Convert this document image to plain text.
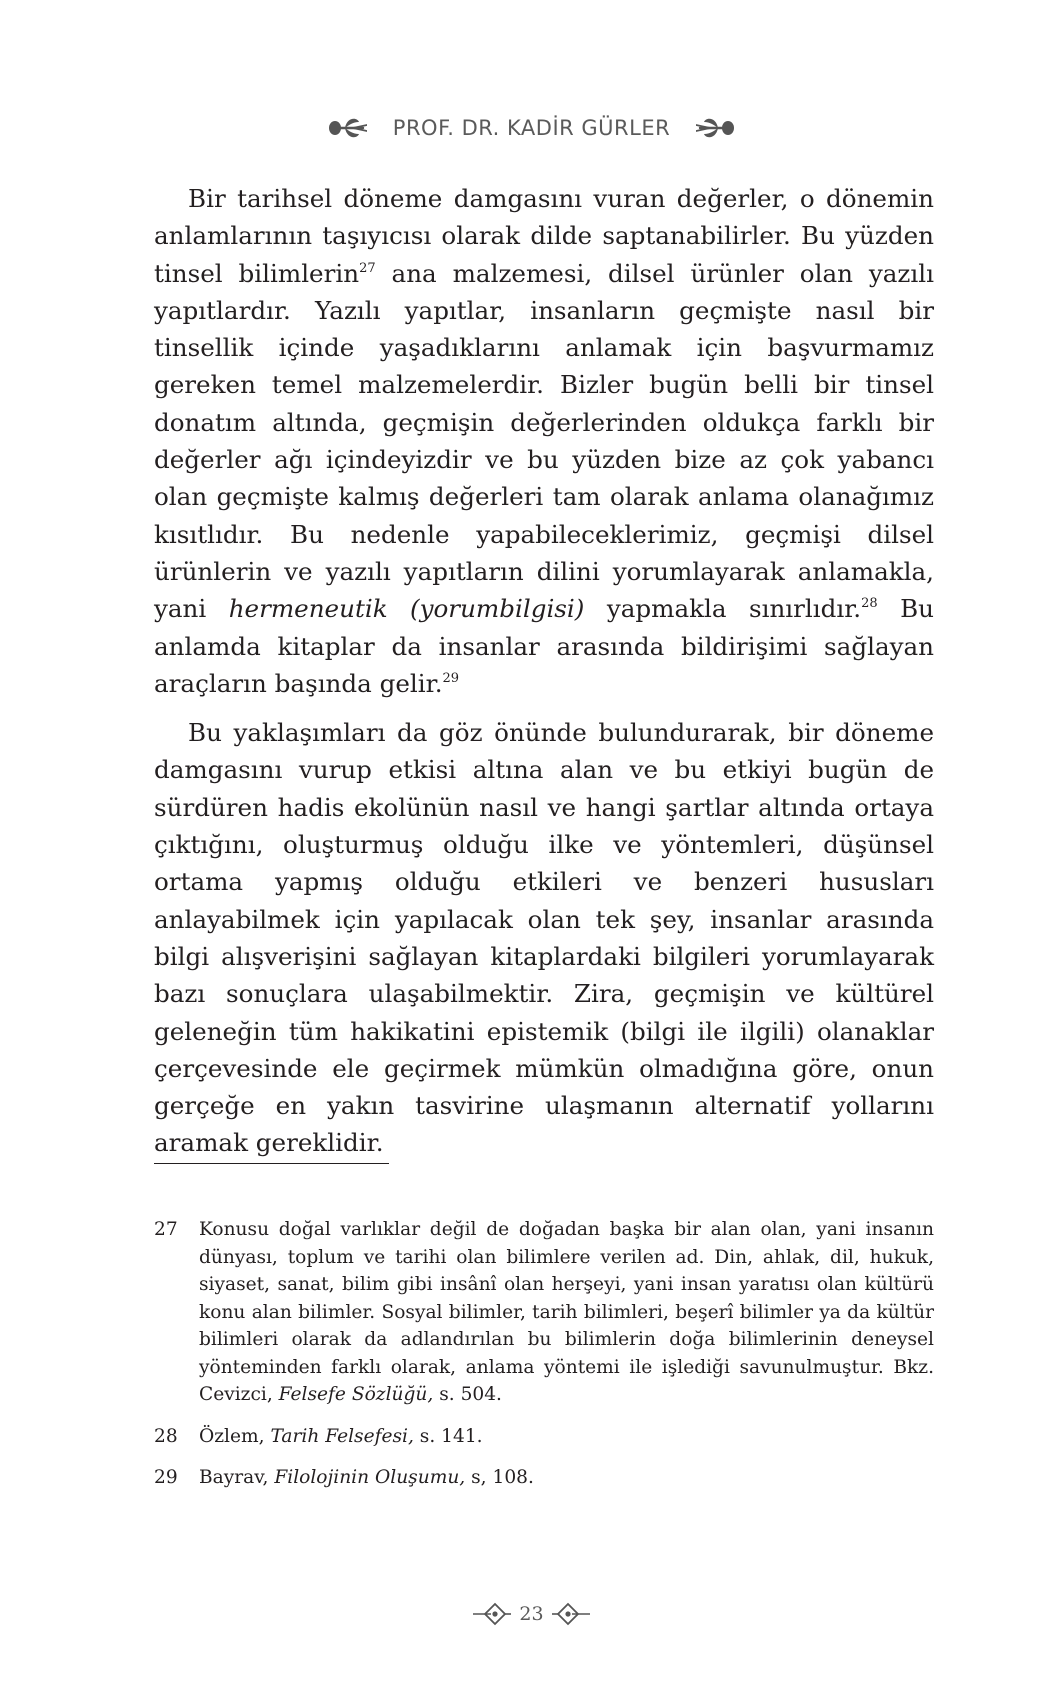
PROF. DR. KADİR GÜRLER

Bir tarihsel döneme damgasını vuran değerler, o dönemin anlamlarının taşıyıcısı olarak dilde saptanabilirler. Bu yüzden tinsel bilimlerin$^{27}$ ana malzemesi, dilsel ürünler olan yazılı yapıtlardır. Yazılı yapıtlar, insanların geçmişte nasıl bir tinsellik içinde yaşadıklarını anlamak için başvurmamız gereken temel malzemelerdir. Bizler bugün belli bir tinsel donatım altında, geçmişin değerlerinden oldukça farklı bir değerler ağı içindeyizdir ve bu yüzden bize az çok yabancı olan geçmişte kalmış değerleri tam olarak anlama olanağımız kısıtlıdır. Bu nedenle yapabileceklerimiz, geçmişi dilsel ürünlerin ve yazılı yapıtların dilini yorumlayarak anlamakla, yani hermeneutik (yorumbilgisi) yapmakla sınırlıdır.$^{28}$ Bu anlamda kitaplar da insanlar arasında bildirişimi sağlayan araçların başında gelir.$^{29}$

Bu yaklaşımları da göz önünde bulundurarak, bir döneme damgasını vurup etkisi altına alan ve bu etkiyi bugün de sürdüren hadis ekolünün nasıl ve hangi şartlar altında ortaya çıktığını, oluşturmuş olduğu ilke ve yöntemleri, düşünsel ortama yapmış olduğu etkileri ve benzeri hususları anlayabilmek için yapılacak olan tek şey, insanlar arasında bilgi alışverişini sağlayan kitaplardaki bilgileri yorumlayarak bazı sonuçlara ulaşabilmektir. Zira, geçmişin ve kültürel geleneğin tüm hakikatini epistemik (bilgi ile ilgili) olanaklar çerçevesinde ele geçirmek mümkün olmadığına göre, onun gerçeğe en yakın tasvirine ulaşmanın alternatif yollarını aramak gereklidir.

27	Konusu doğal varlıklar değil de doğadan başka bir alan olan, yani insanın dünyası, toplum ve tarihi olan bilimlere verilen ad. Din, ahlak, dil, hukuk, siyaset, sanat, bilim gibi insânî olan herşeyi, yani insan yaratısı olan kültürü konu alan bilimler. Sosyal bilimler, tarih bilimleri, beşerî bilimler ya da kültür bilimleri olarak da adlandırılan bu bilimlerin doğa bilimlerinin deneysel yönteminden farklı olarak, anlama yöntemi ile işlediği savunulmuştur. Bkz. Cevizci, Felsefe Sözlüğü, s. 504.
28	Özlem, Tarih Felsefesi, s. 141.
29	Bayrav, Filolojinin Oluşumu, s, 108.
23
